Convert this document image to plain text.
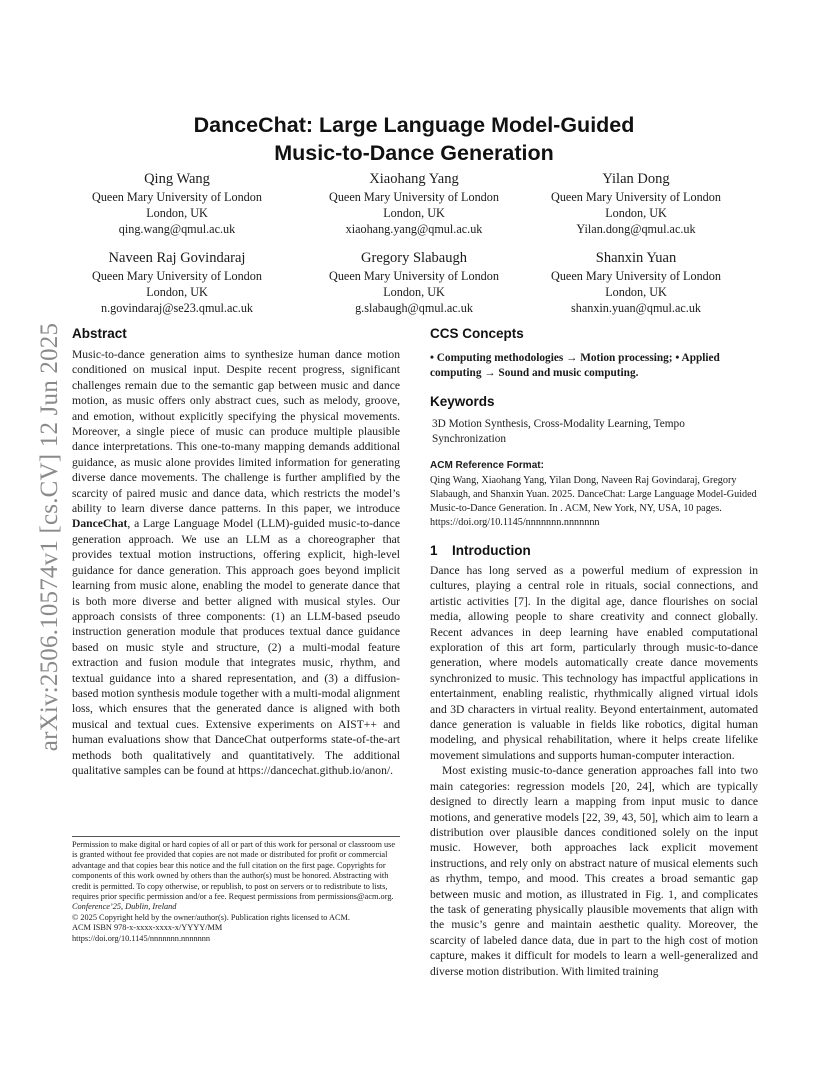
arXiv:2506.10574v1 [cs.CV] 12 Jun 2025
DanceChat: Large Language Model-Guided
Music-to-Dance Generation
Qing Wang
Queen Mary University of London
London, UK
qing.wang@qmul.ac.uk
Xiaohang Yang
Queen Mary University of London
London, UK
xiaohang.yang@qmul.ac.uk
Yilan Dong
Queen Mary University of London
London, UK
Yilan.dong@qmul.ac.uk
Naveen Raj Govindaraj
Queen Mary University of London
London, UK
n.govindaraj@se23.qmul.ac.uk
Gregory Slabaugh
Queen Mary University of London
London, UK
g.slabaugh@qmul.ac.uk
Shanxin Yuan
Queen Mary University of London
London, UK
shanxin.yuan@qmul.ac.uk
Abstract

Music-to-dance generation aims to synthesize human dance motion conditioned on musical input. Despite recent progress, significant challenges remain due to the semantic gap between music and dance motion, as music offers only abstract cues, such as melody, groove, and emotion, without explicitly specifying the physical movements. Moreover, a single piece of music can produce multiple plausible dance interpretations. This one-to-many mapping demands additional guidance, as music alone provides limited information for generating diverse dance movements. The challenge is further amplified by the scarcity of paired music and dance data, which restricts the model’s ability to learn diverse dance patterns. In this paper, we introduce DanceChat, a Large Language Model (LLM)-guided music-to-dance generation approach. We use an LLM as a choreographer that provides textual motion instructions, offering explicit, high-level guidance for dance generation. This approach goes beyond implicit learning from music alone, enabling the model to generate dance that is both more diverse and better aligned with musical styles. Our approach consists of three components: (1) an LLM-based pseudo instruction generation module that produces textual dance guidance based on music style and structure, (2) a multi-modal feature extraction and fusion module that integrates music, rhythm, and textual guidance into a shared representation, and (3) a diffusion-based motion synthesis module together with a multi-modal alignment loss, which ensures that the generated dance is aligned with both musical and textual cues. Extensive experiments on AIST++ and human evaluations show that DanceChat outperforms state-of-the-art methods both qualitatively and quantitatively. The additional qualitative samples can be found at https://dancechat.github.io/anon/.

Permission to make digital or hard copies of all or part of this work for personal or classroom use is granted without fee provided that copies are not made or distributed for profit or commercial advantage and that copies bear this notice and the full citation on the first page. Copyrights for components of this work owned by others than the author(s) must be honored. Abstracting with credit is permitted. To copy otherwise, or republish, to post on servers or to redistribute to lists, requires prior specific permission and/or a fee. Request permissions from permissions@acm.org.

Conference’25, Dublin, Ireland

© 2025 Copyright held by the owner/author(s). Publication rights licensed to ACM.

ACM ISBN 978-x-xxxx-xxxx-x/YYYY/MM

https://doi.org/10.1145/nnnnnnn.nnnnnnn

CCS Concepts

• Computing methodologies → Motion processing; • Applied computing → Sound and music computing.

Keywords

3D Motion Synthesis, Cross-Modality Learning, Tempo Synchronization

ACM Reference Format:

Qing Wang, Xiaohang Yang, Yilan Dong, Naveen Raj Govindaraj, Gregory Slabaugh, and Shanxin Yuan. 2025. DanceChat: Large Language Model-Guided Music-to-Dance Generation. In . ACM, New York, NY, USA, 10 pages. https://doi.org/10.1145/nnnnnnn.nnnnnnn

1 Introduction

Dance has long served as a powerful medium of expression in cultures, playing a central role in rituals, social connections, and artistic activities [7]. In the digital age, dance flourishes on social media, allowing people to share creativity and connect globally. Recent advances in deep learning have enabled computational exploration of this art form, particularly through music-to-dance generation, where models automatically create dance movements synchronized to music. This technology has impactful applications in entertainment, enabling realistic, rhythmically aligned virtual idols and 3D characters in virtual reality. Beyond entertainment, automated dance generation is valuable in fields like robotics, digital human modeling, and physical rehabilitation, where it helps create lifelike movement simulations and supports human-computer interaction.

Most existing music-to-dance generation approaches fall into two main categories: regression models [20, 24], which are typically designed to directly learn a mapping from input music to dance motions, and generative models [22, 39, 43, 50], which aim to learn a distribution over plausible dances conditioned solely on the input music. However, both approaches lack explicit movement instructions, and rely only on abstract nature of musical elements such as rhythm, tempo, and mood. This creates a broad semantic gap between music and motion, as illustrated in Fig. 1, and complicates the task of generating physically plausible movements that align with the music’s genre and maintain aesthetic quality. Moreover, the scarcity of labeled dance data, due in part to the high cost of motion capture, makes it difficult for models to learn a well-generalized and diverse motion distribution. With limited training
